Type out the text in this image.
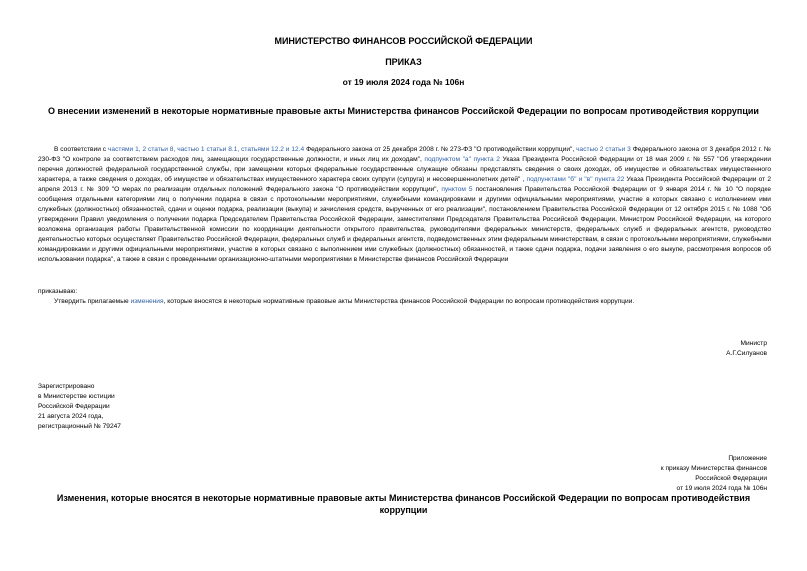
МИНИСТЕРСТВО ФИНАНСОВ РОССИЙСКОЙ ФЕДЕРАЦИИ
ПРИКАЗ
от 19 июля 2024 года № 106н
О внесении изменений в некоторые нормативные правовые акты Министерства финансов Российской Федерации по вопросам противодействия коррупции
В соответствии с частями 1, 2 статьи 8, частью 1 статьи 8.1, статьями 12.2 и 12.4 Федерального закона от 25 декабря 2008 г. № 273-ФЗ "О противодействии коррупции", частью 2 статьи 3 Федерального закона от 3 декабря 2012 г. № 230-ФЗ "О контроле за соответствием расходов лиц, замещающих государственные должности, и иных лиц их доходам", подпунктом "а" пункта 2 Указа Президента Российской Федерации от 18 мая 2009 г. № 557 "Об утверждении перечня должностей федеральной государственной службы, при замещении которых федеральные государственные служащие обязаны представлять сведения о своих доходах, об имуществе и обязательствах имущественного характера, а также сведения о доходах, об имуществе и обязательствах имущественного характера своих супруги (супруга) и несовершеннолетних детей" , подпунктами "б" и "в" пункта 22 Указа Президента Российской Федерации от 2 апреля 2013 г. № 309 "О мерах по реализации отдельных положений Федерального закона "О противодействии коррупции", пунктом 5 постановления Правительства Российской Федерации от 9 января 2014 г. № 10 "О порядке сообщения отдельными категориями лиц о получении подарка в связи с протокольными мероприятиями, служебными командировками и другими официальными мероприятиями, участие в которых связано с исполнением ими служебных (должностных) обязанностей, сдачи и оценки подарка, реализации (выкупа) и зачисления средств, вырученных от его реализации", постановлением Правительства Российской Федерации от 12 октября 2015 г. № 1088 "Об утверждении Правил уведомления о получении подарка Председателем Правительства Российской Федерации, заместителями Председателя Правительства Российской Федерации, Министром Российской Федерации, на которого возложена организация работы Правительственной комиссии по координации деятельности открытого правительства, руководителями федеральных министерств, федеральных служб и федеральных агентств, руководство деятельностью которых осуществляет Правительство Российской Федерации, федеральных служб и федеральных агентств, подведомственных этим федеральным министерствам, в связи с протокольными мероприятиями, служебными командировками и другими официальными мероприятиями, участие в которых связано с выполнением ими служебных (должностных) обязанностей, и также сдачи подарка, подачи заявления о его выкупе, рассмотрения вопросов об использовании подарка", а также в связи с проведенными организационно-штатными мероприятиями в Министерстве финансов Российской Федерации
приказываю:
Утвердить прилагаемые изменения, которые вносятся в некоторые нормативные правовые акты Министерства финансов Российской Федерации по вопросам противодействия коррупции.
Министр
А.Г.Силуанов
Зарегистрировано
в Министерстве юстиции
Российской Федерации
21 августа 2024 года,
регистрационный № 79247
Приложение
к приказу Министерства финансов
Российской Федерации
от 19 июля 2024 года № 106н
Изменения, которые вносятся в некоторые нормативные правовые акты Министерства финансов Российской Федерации по вопросам противодействия коррупции
